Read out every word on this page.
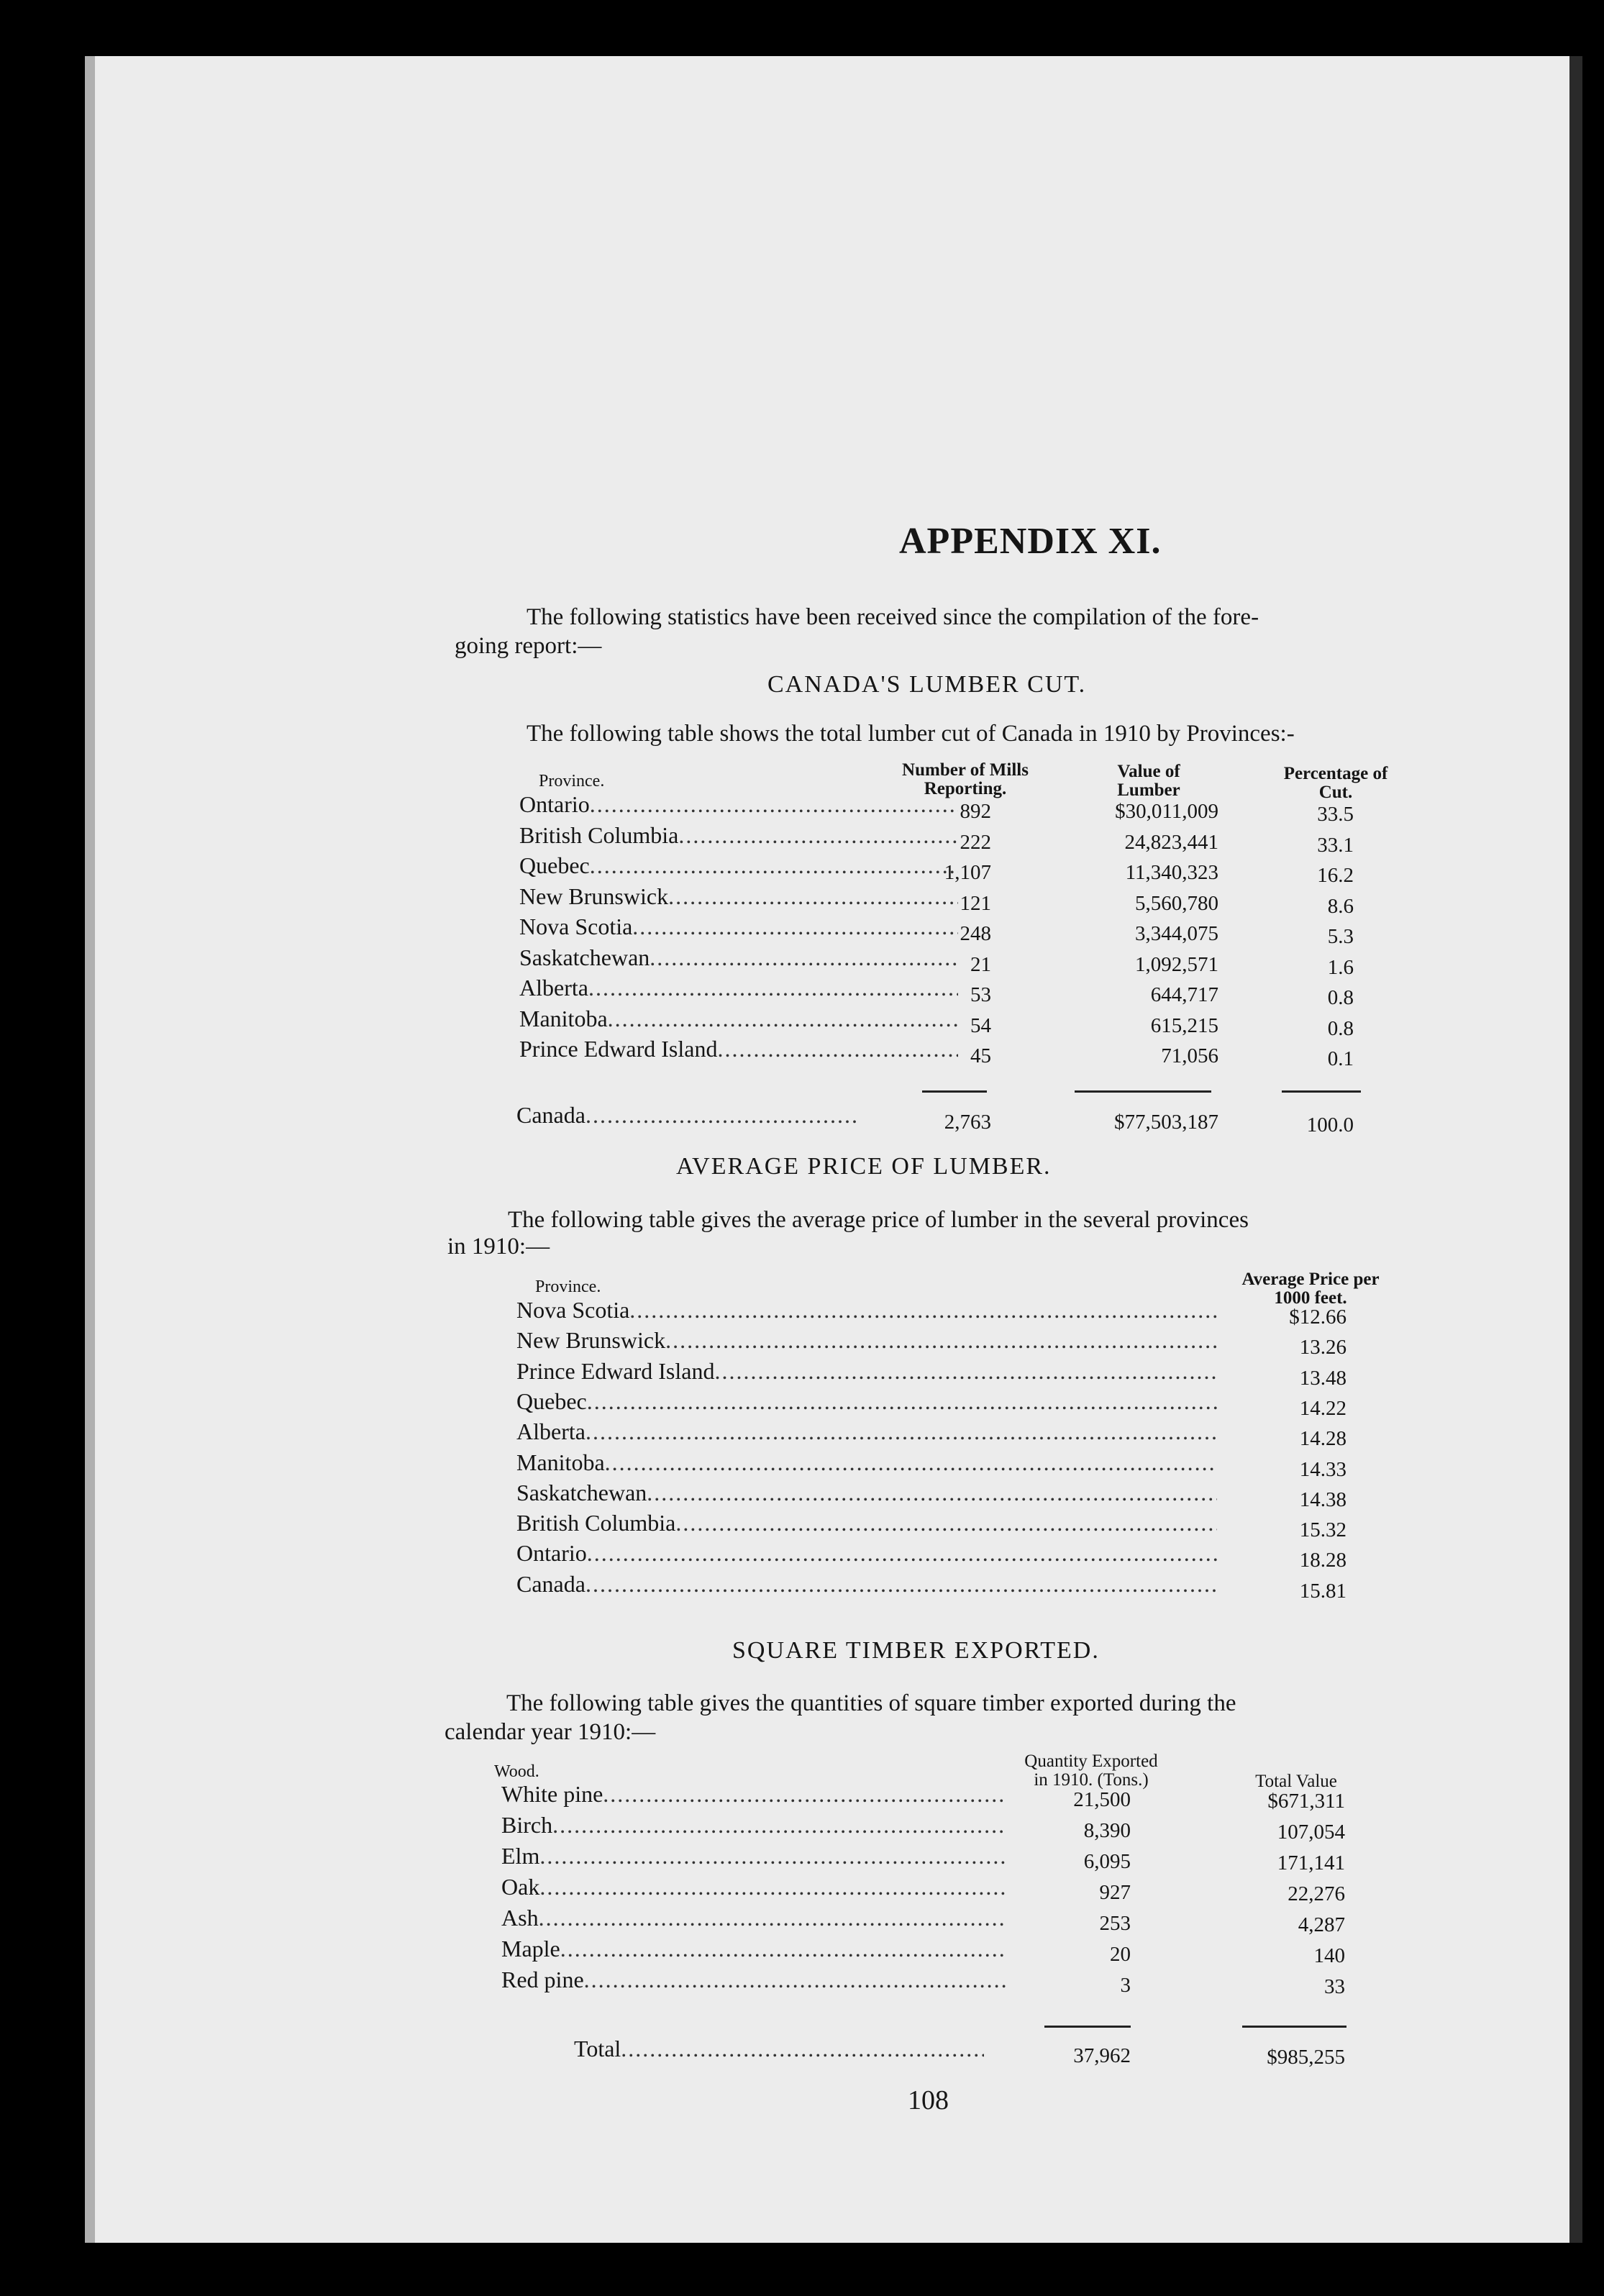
APPENDIX XI.
The following statistics have been received since the compilation of the fore-
going report:—
CANADA'S LUMBER CUT.
The following table shows the total lumber cut of Canada in 1910 by Provinces:-
Province.
Number of Mills
Reporting.
Value of
Lumber
Percentage of
Cut.
Ontario .....	892	$30,011,009	33.5
British Columbia .....	222	24,823,441	33.1
Quebec .....	1,107	11,340,323	16.2
New Brunswick .....	121	5,560,780	8.6
Nova Scotia .....	248	3,344,075	5.3
Saskatchewan .....	21	1,092,571	1.6
Alberta .....	53	644,717	0.8
Manitoba .....	54	615,215	0.8
Prince Edward Island .....	45	71,056	0.1
Canada .....	2,763	$77,503,187	100.0
AVERAGE PRICE OF LUMBER.
The following table gives the average price of lumber in the several provinces
in 1910:—
Province.	Average Price per
1000 feet.
Nova Scotia .....	$12.66
New Brunswick .....	13.26
Prince Edward Island .....	13.48
Quebec .....	14.22
Alberta .....	14.28
Manitoba .....	14.33
Saskatchewan .....	14.38
British Columbia .....	15.32
Ontario .....	18.28
Canada .....	15.81
SQUARE TIMBER EXPORTED.
The following table gives the quantities of square timber exported during the
calendar year 1910:—
Wood.
Quantity Exported
in 1910. (Tons.)	Total Value
White pine .....	21,500	$671,311
Birch .....	8,390	107,054
Elm .....	6,095	171,141
Oak .....	927	22,276
Ash .....	253	4,287
Maple .....	20	140
Red pine .....	3	33
Total .....	37,962	$985,255
108
